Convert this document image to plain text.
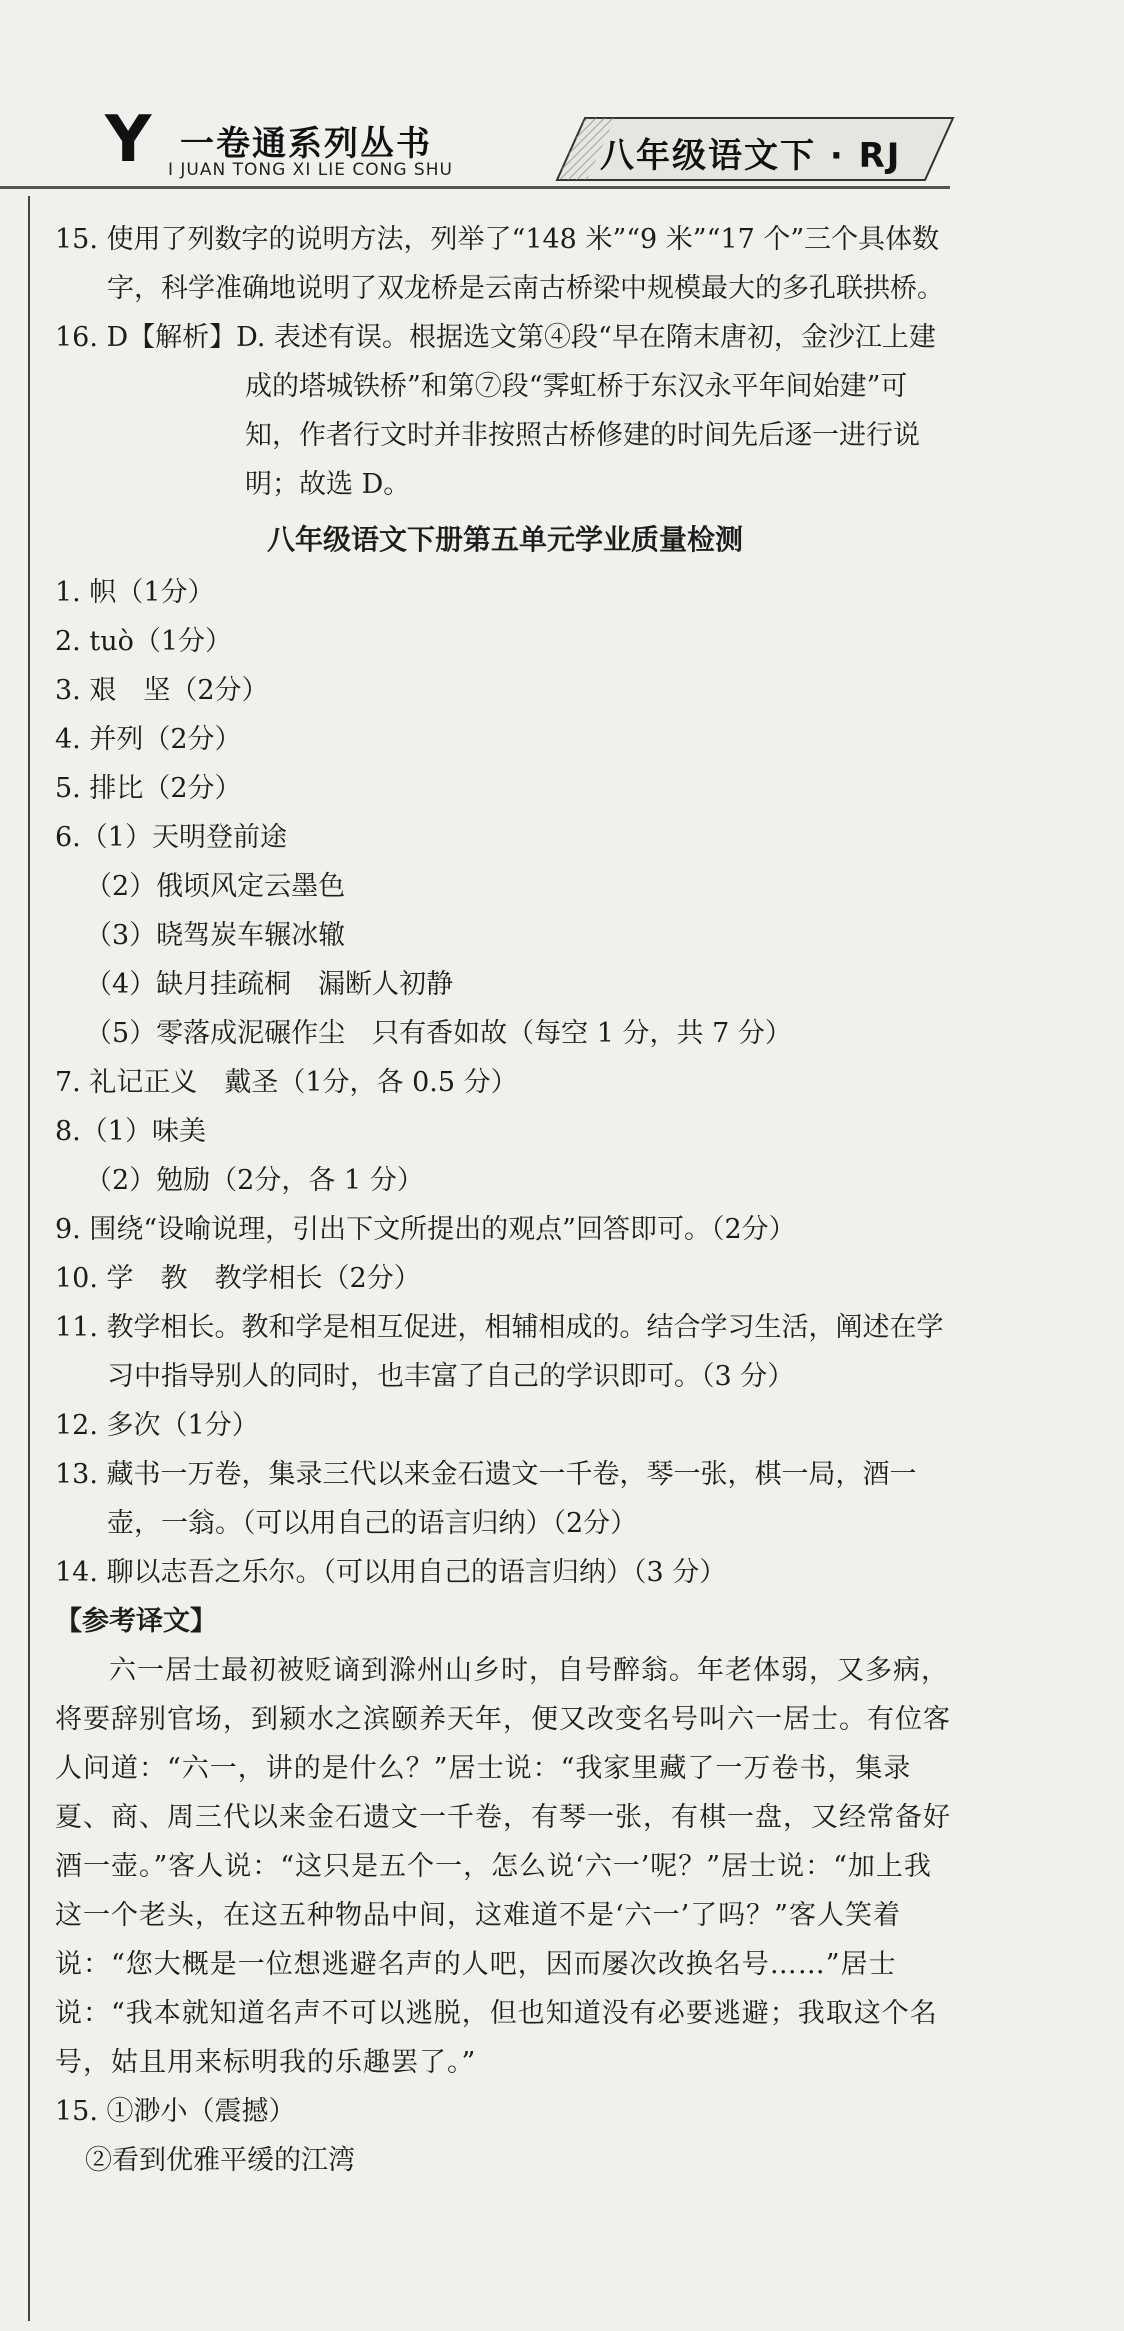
Y 一卷通系列丛书
I JUAN TONG XI LIE CONG SHU	八年级语文下 · RJ
15. 使用了列数字的说明方法，列举了“148 米”“9 米”“17 个”三个具体数字，科学准确地说明了双龙桥是云南古桥梁中规模最大的多孔联拱桥。
16. D【解析】D. 表述有误。根据选文第④段“早在隋末唐初，金沙江上建成的塔城铁桥”和第⑦段“霁虹桥于东汉永平年间始建”可知，作者行文时并非按照古桥修建的时间先后逐一进行说明；故选 D。
八年级语文下册第五单元学业质量检测
1. 帜（1分）
2. tuò（1分）
3. 艰　坚（2分）
4. 并列（2分）
5. 排比（2分）
6.（1）天明登前途
（2）俄顷风定云墨色
（3）晓驾炭车辗冰辙
（4）缺月挂疏桐　漏断人初静
（5）零落成泥碾作尘　只有香如故（每空 1 分，共 7 分）
7. 礼记正义　戴圣（1分，各 0.5 分）
8.（1）味美
（2）勉励（2分，各 1 分）
9. 围绕“设喻说理，引出下文所提出的观点”回答即可。（2分）
10. 学　教　教学相长（2分）
11. 教学相长。教和学是相互促进，相辅相成的。结合学习生活，阐述在学习中指导别人的同时，也丰富了自己的学识即可。（3 分）
12. 多次（1分）
13. 藏书一万卷，集录三代以来金石遗文一千卷，琴一张，棋一局，酒一壶，一翁。（可以用自己的语言归纳）（2分）
14. 聊以志吾之乐尔。（可以用自己的语言归纳）（3 分）
【参考译文】
六一居士最初被贬谪到滁州山乡时，自号醉翁。年老体弱，又多病，将要辞别官场，到颍水之滨颐养天年，便又改变名号叫六一居士。有位客人问道：“六一，讲的是什么？”居士说：“我家里藏了一万卷书，集录夏、商、周三代以来金石遗文一千卷，有琴一张，有棋一盘，又经常备好酒一壶。”客人说：“这只是五个一，怎么说‘六一’呢？”居士说：“加上我这一个老头，在这五种物品中间，这难道不是‘六一’了吗？”客人笑着说：“您大概是一位想逃避名声的人吧，因而屡次改换名号……”居士说：“我本就知道名声不可以逃脱，但也知道没有必要逃避；我取这个名号，姑且用来标明我的乐趣罢了。”
15. ①渺小（震撼）
②看到优雅平缓的江湾
